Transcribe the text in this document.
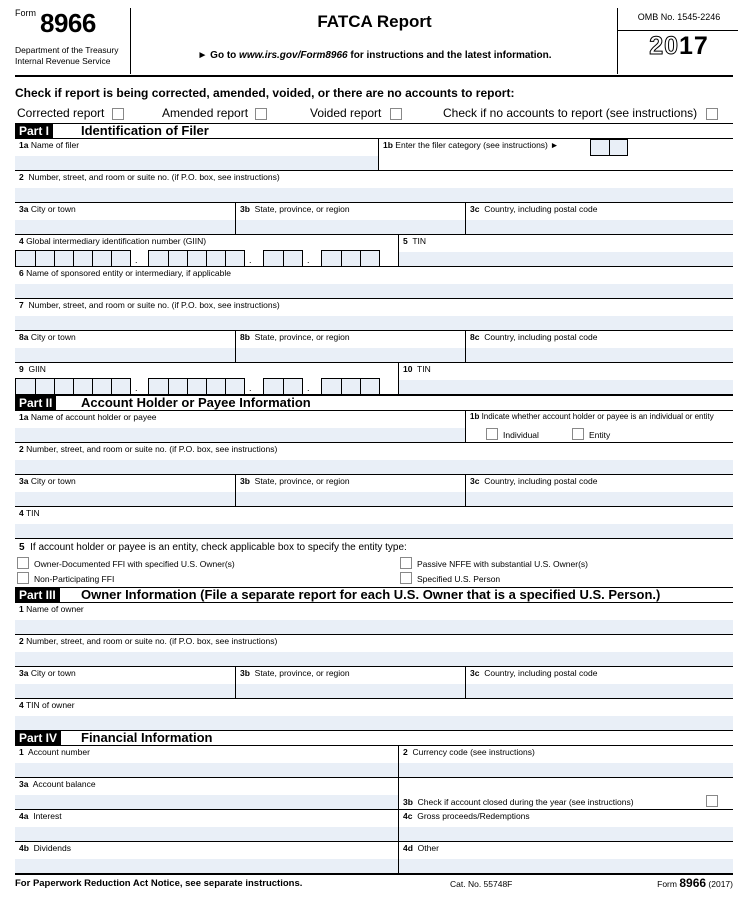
Form 8966
Department of the Treasury
Internal Revenue Service
FATCA Report
► Go to www.irs.gov/Form8966 for instructions and the latest information.
OMB No. 1545-2246
2017
Check if report is being corrected, amended, voided, or there are no accounts to report:
Corrected report	Amended report	Voided report	Check if no accounts to report (see instructions)
Part I	Identification of Filer
1a Name of filer	1b Enter the filer category (see instructions) ►
2 Number, street, and room or suite no. (if P.O. box, see instructions)
3a City or town	3b State, province, or region	3c Country, including postal code
4 Global intermediary identification number (GIIN)
.	.	.
5 TIN
6 Name of sponsored entity or intermediary, if applicable
7 Number, street, and room or suite no. (if P.O. box, see instructions)
8a City or town	8b State, province, or region	8c Country, including postal code
9 GIIN
.	.	.
10 TIN
Part II	Account Holder or Payee Information
1a Name of account holder or payee	1b Indicate whether account holder or payee is an individual or entity
Individual	Entity
2 Number, street, and room or suite no. (if P.O. box, see instructions)
3a City or town	3b State, province, or region	3c Country, including postal code
4 TIN
5 If account holder or payee is an entity, check applicable box to specify the entity type:
Owner-Documented FFI with specified U.S. Owner(s)	Passive NFFE with substantial U.S. Owner(s)
Non-Participating FFI	Specified U.S. Person
Part III	Owner Information (File a separate report for each U.S. Owner that is a specified U.S. Person.)
1 Name of owner
2 Number, street, and room or suite no. (if P.O. box, see instructions)
3a City or town	3b State, province, or region	3c Country, including postal code
4 TIN of owner
Part IV	Financial Information
1 Account number	2 Currency code (see instructions)
3a Account balance
3b Check if account closed during the year (see instructions)
4a Interest	4c Gross proceeds/Redemptions
4b Dividends	4d Other
For Paperwork Reduction Act Notice, see separate instructions.	Cat. No. 55748F	Form 8966 (2017)
